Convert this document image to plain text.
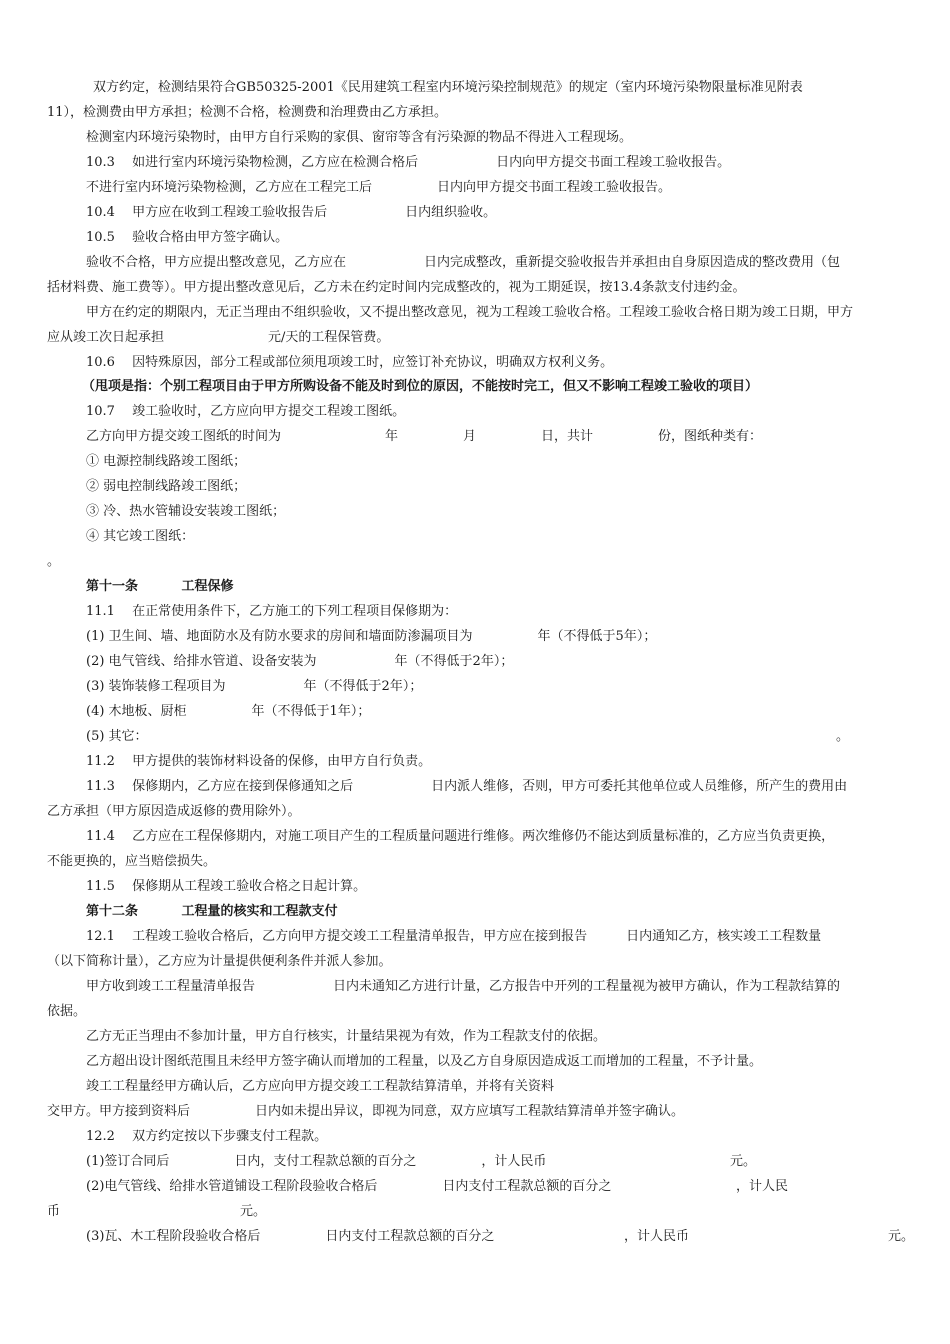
双方约定，检测结果符合GB50325-2001《民用建筑工程室内环境污染控制规范》的规定（室内环境污染物限量标准见附表
11），检测费由甲方承担；检测不合格，检测费和治理费由乙方承担。
检测室内环境污染物时，由甲方自行采购的家俱、窗帘等含有污染源的物品不得进入工程现场。
10.3　 如进行室内环境污染物检测，乙方应在检测合格后　　　　　　日内向甲方提交书面工程竣工验收报告。
不进行室内环境污染物检测，乙方应在工程完工后　　　　　日内向甲方提交书面工程竣工验收报告。
10.4　 甲方应在收到工程竣工验收报告后　　　　　　日内组织验收。
10.5　 验收合格由甲方签字确认。
验收不合格，甲方应提出整改意见，乙方应在　　　　　　日内完成整改，重新提交验收报告并承担由自身原因造成的整改费用（包
括材料费、施工费等）。甲方提出整改意见后，乙方未在约定时间内完成整改的，视为工期延误，按13.4条款支付违约金。
甲方在约定的期限内，无正当理由不组织验收，又不提出整改意见，视为工程竣工验收合格。工程竣工验收合格日期为竣工日期，甲方
应从竣工次日起承担　　　　　　　　元/天的工程保管费。
10.6　 因特殊原因，部分工程或部位须甩项竣工时，应签订补充协议，明确双方权利义务。
（甩项是指：个别工程项目由于甲方所购设备不能及时到位的原因，不能按时完工，但又不影响工程竣工验收的项目）
10.7　 竣工验收时，乙方应向甲方提交工程竣工图纸。
乙方向甲方提交竣工图纸的时间为　　　　　　　　年　　　　　月　　　　　日，共计　　　　　份，图纸种类有：
① 电源控制线路竣工图纸；
② 弱电控制线路竣工图纸；
③ 冷、热水管辅设安装竣工图纸；
④ 其它竣工图纸：
。
第十一条　　　 工程保修
11.1　 在正常使用条件下，乙方施工的下列工程项目保修期为：
(1) 卫生间、墙、地面防水及有防水要求的房间和墙面防渗漏项目为　　　　　年（不得低于5年）；
(2) 电气管线、给排水管道、设备安装为　　　　　　年（不得低于2年）；
(3) 装饰装修工程项目为　　　　　　年（不得低于2年）；
(4) 木地板、厨柜　　　　　年（不得低于1年）；
(5) 其它：	。
11.2　 甲方提供的装饰材料设备的保修，由甲方自行负责。
11.3　 保修期内，乙方应在接到保修通知之后　　　　　　日内派人维修，否则，甲方可委托其他单位或人员维修，所产生的费用由
乙方承担（甲方原因造成返修的费用除外）。
11.4　 乙方应在工程保修期内，对施工项目产生的工程质量问题进行维修。两次维修仍不能达到质量标准的，乙方应当负责更换，
不能更换的，应当赔偿损失。
11.5　 保修期从工程竣工验收合格之日起计算。
第十二条　　　 工程量的核实和工程款支付
12.1　 工程竣工验收合格后，乙方向甲方提交竣工工程量清单报告，甲方应在接到报告　　　日内通知乙方，核实竣工工程数量
（以下简称计量），乙方应为计量提供便利条件并派人参加。
甲方收到竣工工程量清单报告　　　　　　日内未通知乙方进行计量，乙方报告中开列的工程量视为被甲方确认，作为工程款结算的
依据。
乙方无正当理由不参加计量，甲方自行核实，计量结果视为有效，作为工程款支付的依据。
乙方超出设计图纸范围且未经甲方签字确认而增加的工程量，以及乙方自身原因造成返工而增加的工程量，不予计量。
竣工工程量经甲方确认后，乙方应向甲方提交竣工工程款结算清单，并将有关资料
交甲方。甲方接到资料后　　　　　日内如未提出异议，即视为同意，双方应填写工程款结算清单并签字确认。
12.2　 双方约定按以下步骤支付工程款。
(1)签订合同后　　　　　日内，支付工程款总额的百分之　　　　　，计人民币	元。
(2)电气管线、给排水管道铺设工程阶段验收合格后　　　　　日内支付工程款总额的百分之	，计人民
币	元。
(3)瓦、木工程阶段验收合格后　　　　　日内支付工程款总额的百分之	，计人民币	元。
